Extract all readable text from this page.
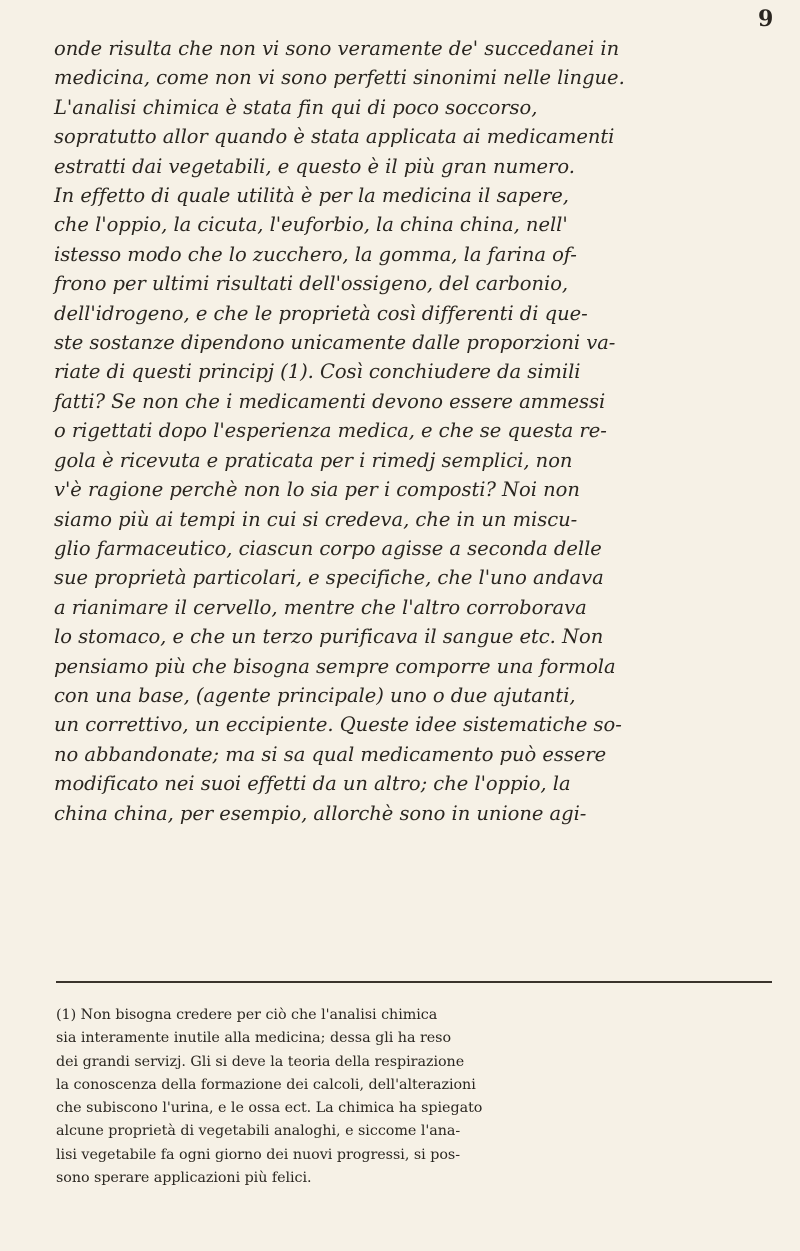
9
onde risulta che non vi sono veramente de' succedanei in
medicina, come non vi sono perfetti sinonimi nelle lingue.
L'analisi chimica è stata fin qui di poco soccorso,
sopratutto allor quando è stata applicata ai medicamenti
estratti dai vegetabili, e questo è il più gran numero.
In effetto di quale utilità è per la medicina il sapere,
che l'oppio, la cicuta, l'euforbio, la china china, nell'
istesso modo che lo zucchero, la gomma, la farina of-
frono per ultimi risultati dell'ossigeno, del carbonio,
dell'idrogeno, e che le proprietà così differenti di que-
ste sostanze dipendono unicamente dalle proporzioni va-
riate di questi principj (1). Così conchiudere da simili
fatti? Se non che i medicamenti devono essere ammessi
o rigettati dopo l'esperienza medica, e che se questa re-
gola è ricevuta e praticata per i rimedj semplici, non
v'è ragione perchè non lo sia per i composti? Noi non
siamo più ai tempi in cui si credeva, che in un miscu-
glio farmaceutico, ciascun corpo agisse a seconda delle
sue proprietà particolari, e specifiche, che l'uno andava
a rianimare il cervello, mentre che l'altro corroborava
lo stomaco, e che un terzo purificava il sangue etc. Non
pensiamo più che bisogna sempre comporre una formola
con una base, (agente principale) uno o due ajutanti,
un correttivo, un eccipiente. Queste idee sistematiche so-
no abbandonate; ma si sa qual medicamento può essere
modificato nei suoi effetti da un altro; che l'oppio, la
china china, per esempio, allorchè sono in unione agi-
(1) Non bisogna credere per ciò che l'analisi chimica
sia interamente inutile alla medicina; dessa gli ha reso
dei grandi servizj. Gli si deve la teoria della respirazione
la conoscenza della formazione dei calcoli, dell'alterazioni
che subiscono l'urina, e le ossa ect. La chimica ha spiegato
alcune proprietà di vegetabili analoghi, e siccome l'ana-
lisi vegetabile fa ogni giorno dei nuovi progressi, si pos-
sono sperare applicazioni più felici.
